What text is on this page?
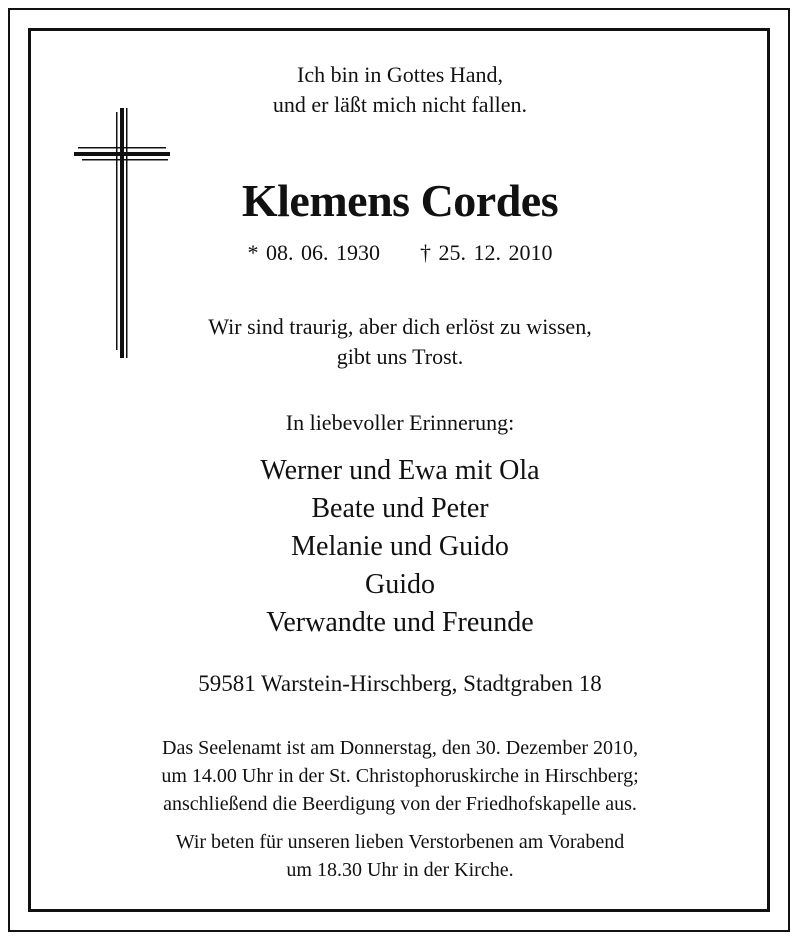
Ich bin in Gottes Hand,
und er läßt mich nicht fallen.
Klemens Cordes
* 08. 06. 1930 † 25. 12. 2010
Wir sind traurig, aber dich erlöst zu wissen,
gibt uns Trost.
In liebevoller Erinnerung:
Werner und Ewa mit Ola
Beate und Peter
Melanie und Guido
Guido
Verwandte und Freunde
59581 Warstein-Hirschberg, Stadtgraben 18
Das Seelenamt ist am Donnerstag, den 30. Dezember 2010,
um 14.00 Uhr in der St. Christophoruskirche in Hirschberg;
anschließend die Beerdigung von der Friedhofskapelle aus.
Wir beten für unseren lieben Verstorbenen am Vorabend
um 18.30 Uhr in der Kirche.
